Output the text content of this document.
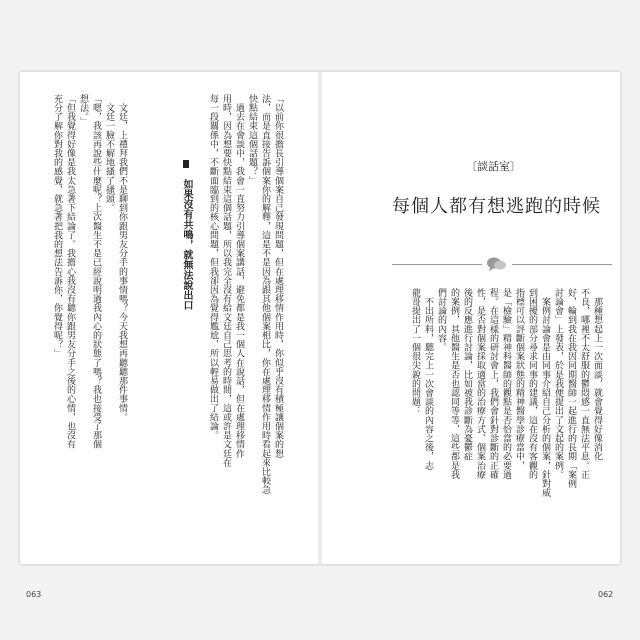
〔談話室〕
每個人都有想逃跑的時候
　那種想起上一次面談，就會覺得好像消化
不良，哪裡不太舒服的鬱悶感一直無法平息。正
好，輪到我在我因同期醫師一起進行的長期「案例
討論會」上發表，於是我便提出了文起的案例。
　案例討論會是由同事介紹自己分析的個案，針對威
到困擾的部分尋求同事的建議，這在沒有客觀的
指標可以評斷個案狀態的精神醫學診療當中，
是「檢驗」精神科醫師的觀點是否恰當的必要過
程。在這樣的研討會上，我們會針對診斷的正確
性，是否對個案採取適當的治療方式、個案治療
後的反應進行討論，比如被我診斷為憂鬱症
的案例，其他醫生是否也認同等等，這些都是我
們討論的內容。
　不出所料，聽完上一次會談的內容之後，志
龍哥提出了一個很尖銳的問題：
062
「以前你很擔長引導個案自己發現問題，但在處理移情作用時，你似乎沒有積極讓個案的想
法，而是直接告訴個案你的解釋，這是不是因為跟其他個案相比，你在處理移情作用時看起來比較急
快點結束這個話題？」
　過去在會談中，我會一直努力引導個案講話，避免都是我一個人在說話，但在處理移情作
用時，因為想要快點結束這個話題，所以我完全沒有給文廷自己思考的時間，這或許是文廷在
每一段關係中，不斷面臨到的核心問題，但我卻因為覺得尷尬，所以輕易做出了結論。
如果沒有共鳴，就無法說出口
　文廷，上禮拜我們不是聊到你跟男友分手的事情嗎？今天我想再聽聽那件事情。
　文廷一臉不解地搔了搔頭。
「嗯，我該再說些什麼呢？上次醫生不是已經說明過我內心的狀態了嗎？我也接受了那個
想法。」
「但我覺得好像是我太急著下結論了。我擔心我沒有聽你跟男友分手之後的心情，也沒有
充分了解你對我的感覺，就急著把我的想法告訴你，你覺得呢？」
063
